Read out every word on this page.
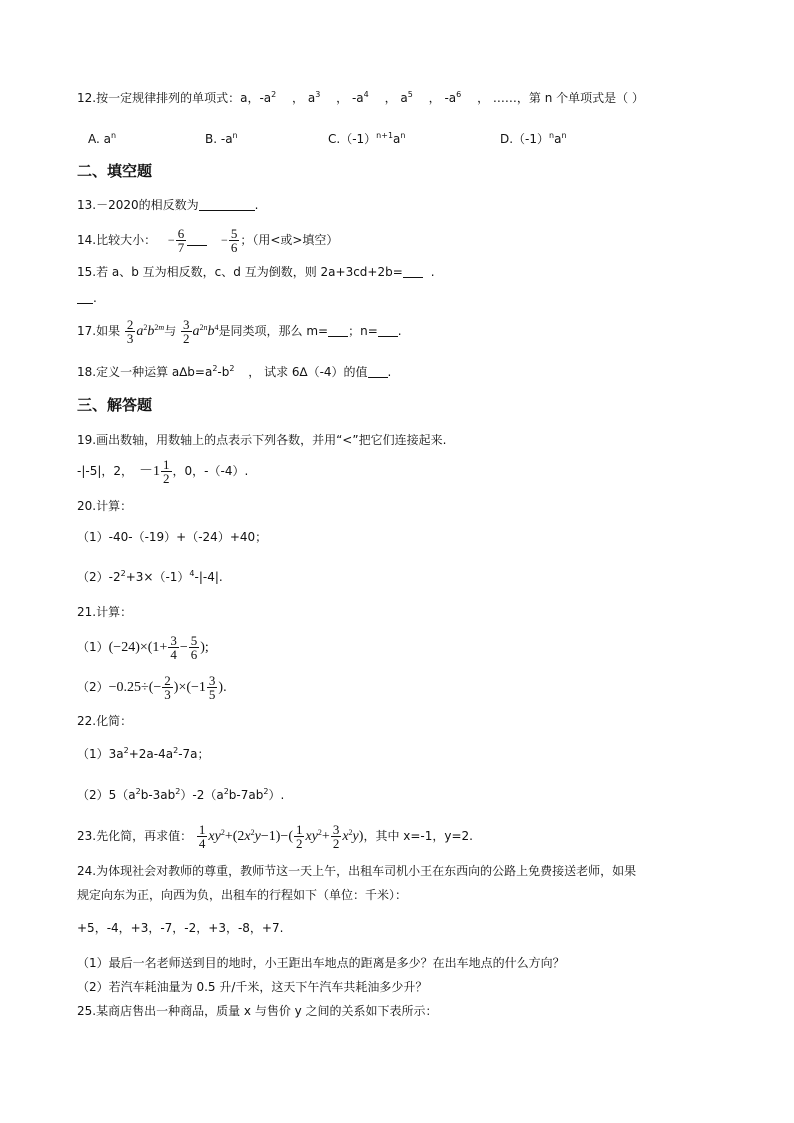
12.按一定规律排列的单项式：a，$-a^2$ ， $a^3$ ， $-a^4$ ， $a^5$ ， $-a^6$ ， ……，第 n 个单项式是（ ）
A. $a^n$	B. $-a^n$	$C.(-1)^{n+1}a^n$	$D.(-1)^na^n$
二、填空题
13.－2020的相反数为	.
14.比较大小： − $\frac{6}{7}$	− $\frac{5}{6}$ ；（用<或>填空）
15.若 a、b 互为相反数，c、d 互为倒数，则 2a+3cd+2b= .
.
17.如果 $\frac{2}{3} a^2b^{2m}$与 $\frac{3}{2} a^{2n}b^4$是同类项，那么 m= ；n= .
18.定义一种运算 $a\Delta b=a^2-b^2$ ， 试求 6∆（-4）的值 .
三、解答题
19.画出数轴，用数轴上的点表示下列各数，并用“<”把它们连接起来.
-|-5|，2， $-1 \frac{1}{2}$ ，0，-（-4）.
20.计算：
（1）-40-（-19）+（-24）+40；
$(2)-2^2+3\times(-1)^4-|-4|$.
21.计算：
$(1)(-24)\times(1+ \frac{3}{4} - \frac{5}{6}$ );
$(2)-0.25\div(- \frac{2}{3} )\times(-1 \frac{3}{5}$ ).
22.化简：
$(1)3a^2+2a-4a^2-7a$；
$(2)5(a^2b-3ab^2)-2(a^2b-7ab^2)$.
23.先化简，再求值： $\frac{1}{4} xy^2+(2x^2y-1)-( \frac{1}{2} xy^2+ \frac{3}{2} x^2y)$，其中 x=-1，y=2.
24.为体现社会对教师的尊重，教师节这一天上午，出租车司机小王在东西向的公路上免费接送老师，如果
规定向东为正，向西为负，出租车的行程如下（单位：千米）：
+5，-4，+3，-7，-2，+3，-8，+7.
（1）最后一名老师送到目的地时，小王距出车地点的距离是多少？在出车地点的什么方向？
（2）若汽车耗油量为 0.5 升/千米，这天下午汽车共耗油多少升？
25.某商店售出一种商品，质量 x 与售价 y 之间的关系如下表所示：
